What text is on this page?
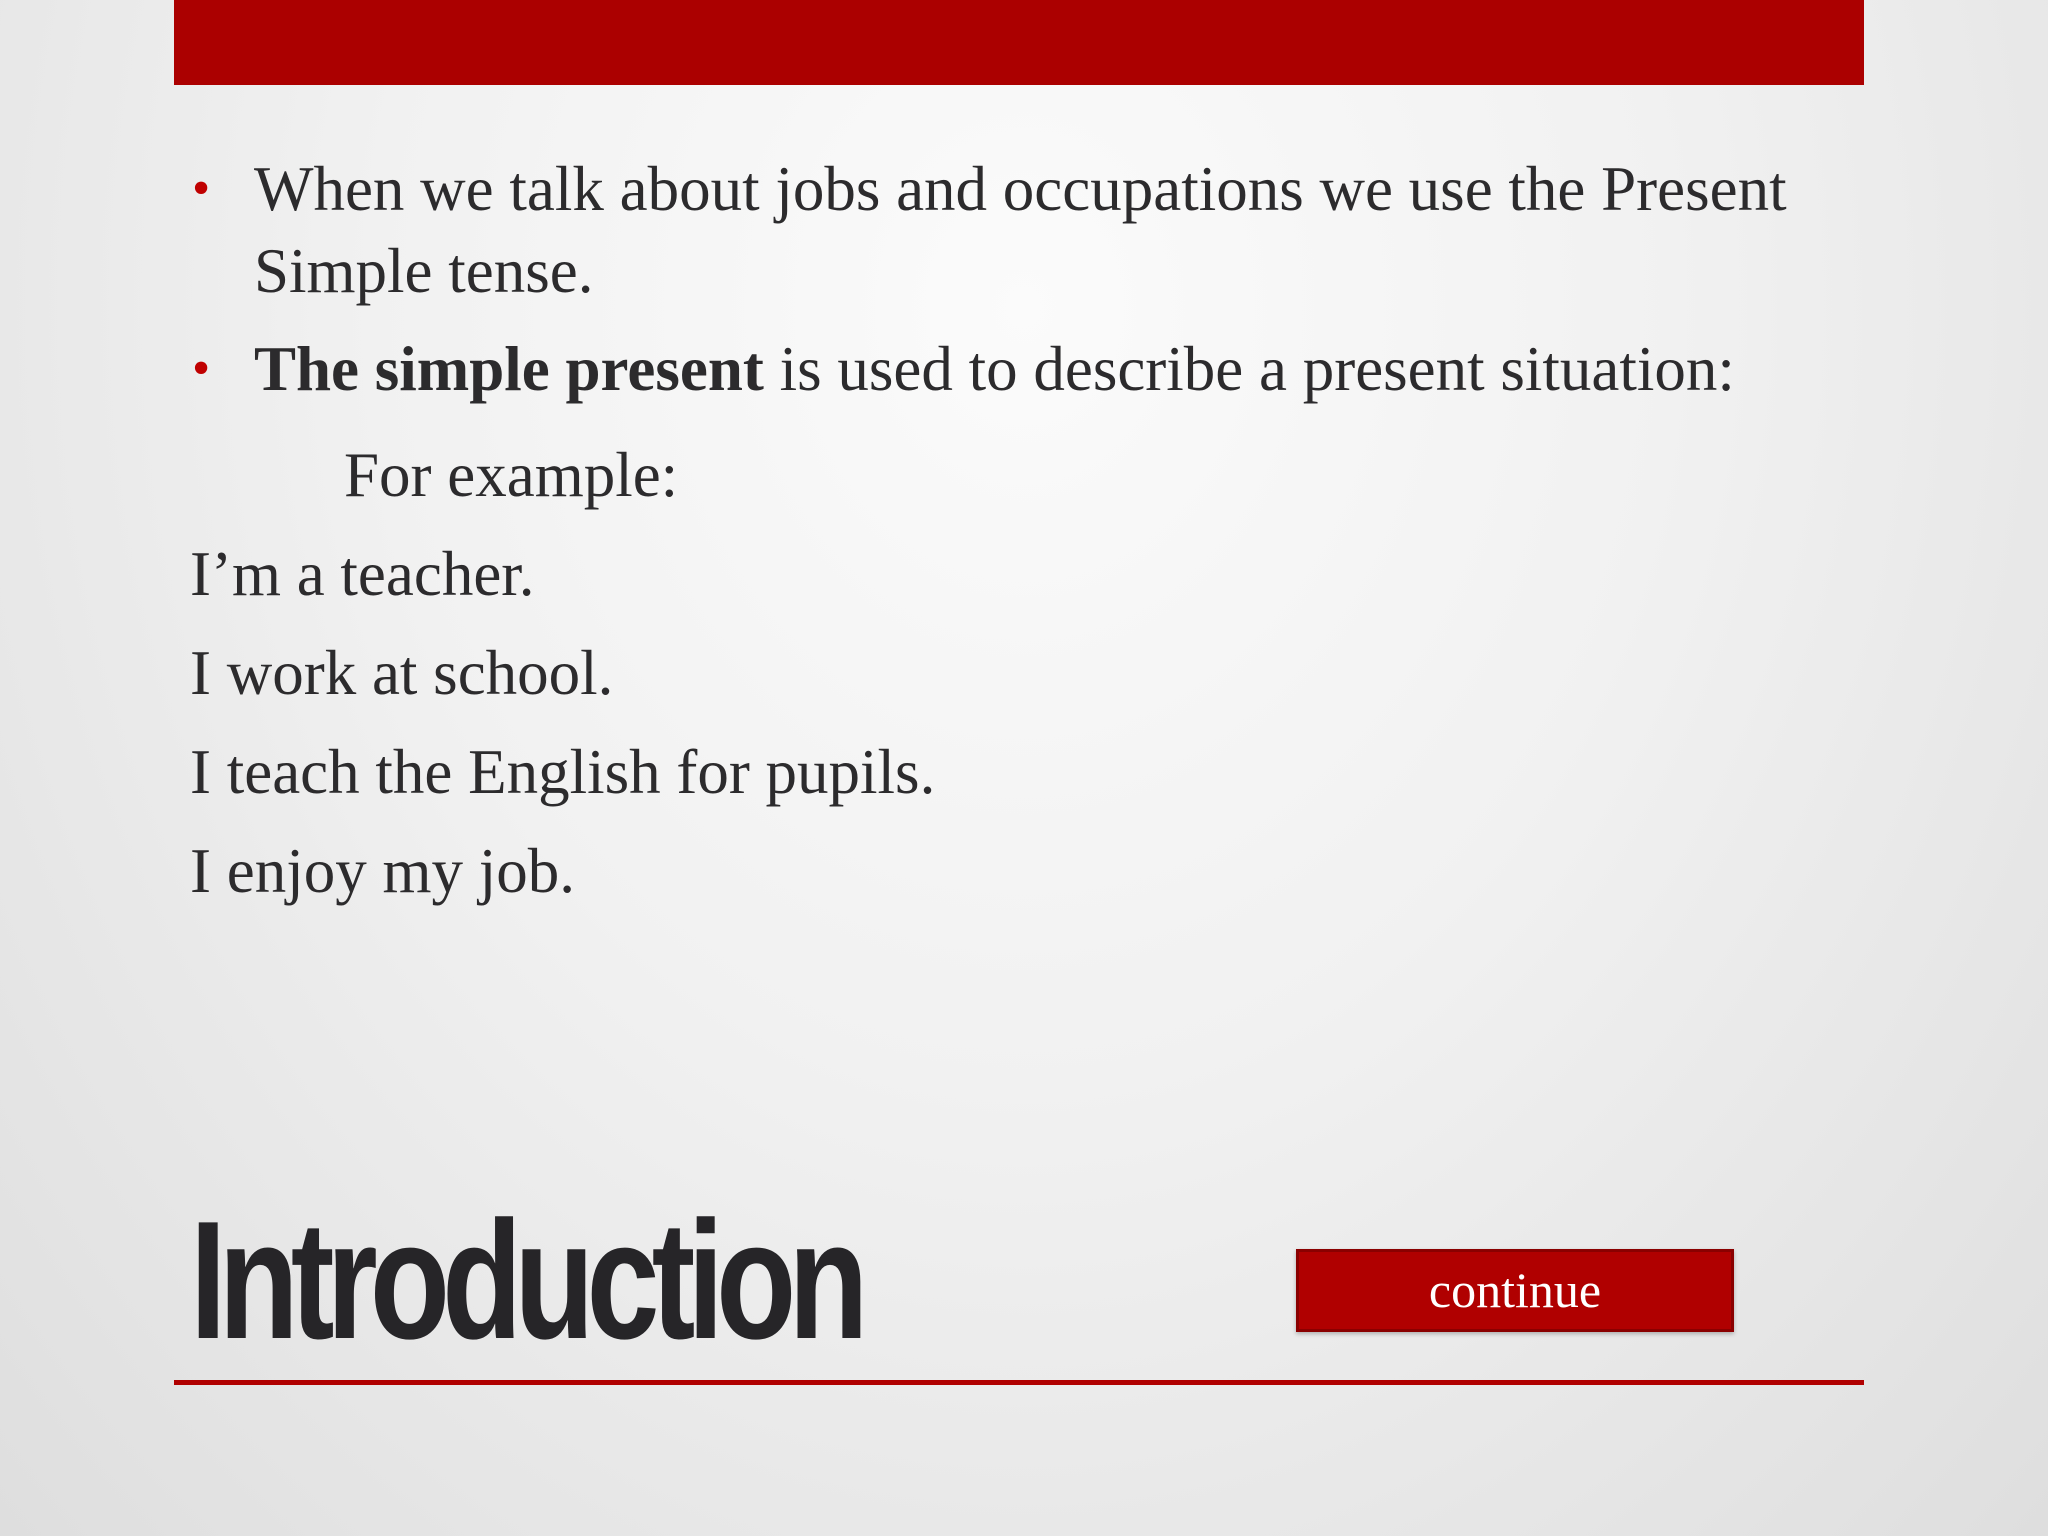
• When we talk about jobs and occupations we use the Present Simple tense.

• The simple present is used to describe a present situation:

For example:

I’m a teacher.

I work at school.

I teach the English for pupils.

I enjoy my job.

Introduction	continue
